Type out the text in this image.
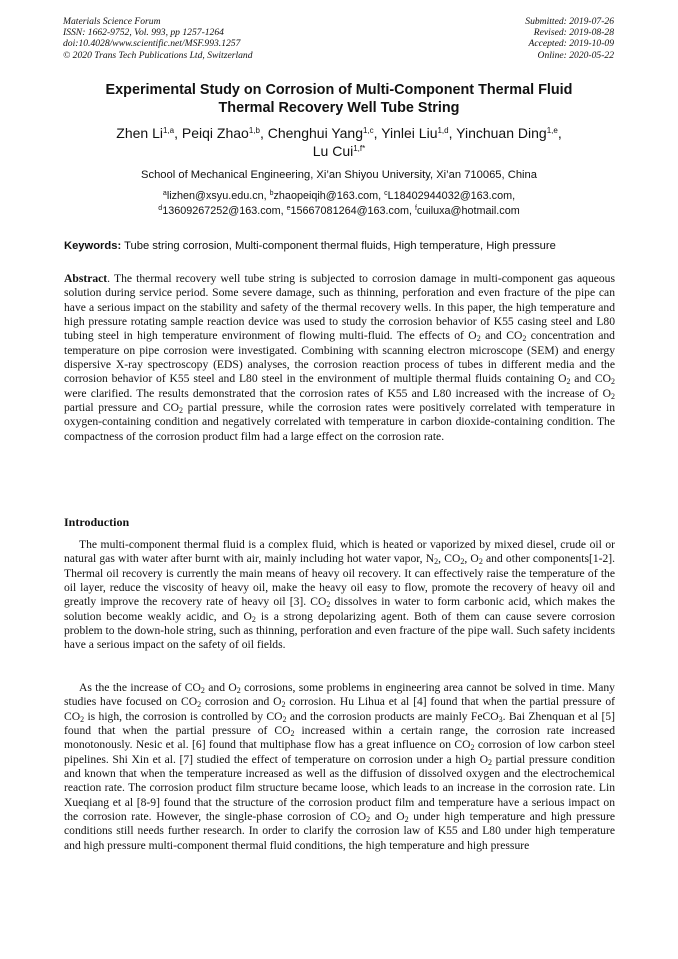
Materials Science Forum
ISSN: 1662-9752, Vol. 993, pp 1257-1264
doi:10.4028/www.scientific.net/MSF.993.1257
© 2020 Trans Tech Publications Ltd, Switzerland
Submitted: 2019-07-26
Revised: 2019-08-28
Accepted: 2019-10-09
Online: 2020-05-22
Experimental Study on Corrosion of Multi-Component Thermal Fluid
Thermal Recovery Well Tube String
Zhen Li$^{1,a}$, Peiqi Zhao$^{1,b}$, Chenghui Yang$^{1,c}$, Yinlei Liu$^{1,d}$, Yinchuan Ding$^{1,e}$,
Lu Cui$^{1,f*}$
School of Mechanical Engineering, Xi’an Shiyou University, Xi’an 710065, China
$^a$lizhen@xsyu.edu.cn, $^b$zhaopeiqih@163.com, $^c$L18402944032@163.com,
$^d$13609267252@163.com, $^e$15667081264@163.com, $^f$cuiluxa@hotmail.com
Keywords: Tube string corrosion, Multi-component thermal fluids, High temperature, High pressure
Abstract. The thermal recovery well tube string is subjected to corrosion damage in multi-component gas aqueous solution during service period. Some severe damage, such as thinning, perforation and even fracture of the pipe can have a serious impact on the stability and safety of the thermal recovery wells. In this paper, the high temperature and high pressure rotating sample reaction device was used to study the corrosion behavior of K55 casing steel and L80 tubing steel in high temperature environment of flowing multi-fluid. The effects of $O_2$ and $CO_2$ concentration and temperature on pipe corrosion were investigated. Combining with scanning electron microscope (SEM) and energy dispersive X-ray spectroscopy (EDS) analyses, the corrosion reaction process of tubes in different media and the corrosion behavior of K55 steel and L80 steel in the environment of multiple thermal fluids containing $O_2$ and $CO_2$ were clarified. The results demonstrated that the corrosion rates of K55 and L80 increased with the increase of $O_2$ partial pressure and $CO_2$ partial pressure, while the corrosion rates were positively correlated with temperature in oxygen-containing condition and negatively correlated with temperature in carbon dioxide-containing condition. The compactness of the corrosion product film had a large effect on the corrosion rate.
Introduction
The multi-component thermal fluid is a complex fluid, which is heated or vaporized by mixed diesel, crude oil or natural gas with water after burnt with air, mainly including hot water vapor, $N_2$, $CO_2$, $O_2$ and other components[1-2]. Thermal oil recovery is currently the main means of heavy oil recovery. It can effectively raise the temperature of the oil layer, reduce the viscosity of heavy oil, make the heavy oil easy to flow, promote the recovery of heavy oil and greatly improve the recovery rate of heavy oil [3]. $CO_2$ dissolves in water to form carbonic acid, which makes the solution become weakly acidic, and $O_2$ is a strong depolarizing agent. Both of them can cause severe corrosion problem to the down-hole string, such as thinning, perforation and even fracture of the pipe wall. Such safety incidents have a serious impact on the safety of oil fields.
As the the increase of $CO_2$ and $O_2$ corrosions, some problems in engineering area cannot be solved in time. Many studies have focused on $CO_2$ corrosion and $O_2$ corrosion. Hu Lihua et al [4] found that when the partial pressure of $CO_2$ is high, the corrosion is controlled by $CO_2$ and the corrosion products are mainly FeCO$_3$. Bai Zhenquan et al [5] found that when the partial pressure of $CO_2$ increased within a certain range, the corrosion rate increased monotonously. Nesic et al. [6] found that multiphase flow has a great influence on $CO_2$ corrosion of low carbon steel pipelines. Shi Xin et al. [7] studied the effect of temperature on corrosion under a high $O_2$ partial pressure condition and known that when the temperature increased as well as the diffusion of dissolved oxygen and the electrochemical reaction rate. The corrosion product film structure became loose, which leads to an increase in the corrosion rate. Lin Xueqiang et al [8-9] found that the structure of the corrosion product film and temperature have a serious impact on the corrosion rate. However, the single-phase corrosion of $CO_2$ and $O_2$ under high temperature and high pressure conditions still needs further research. In order to clarify the corrosion law of K55 and L80 under high temperature and high pressure multi-component thermal fluid conditions, the high temperature and high pressure
